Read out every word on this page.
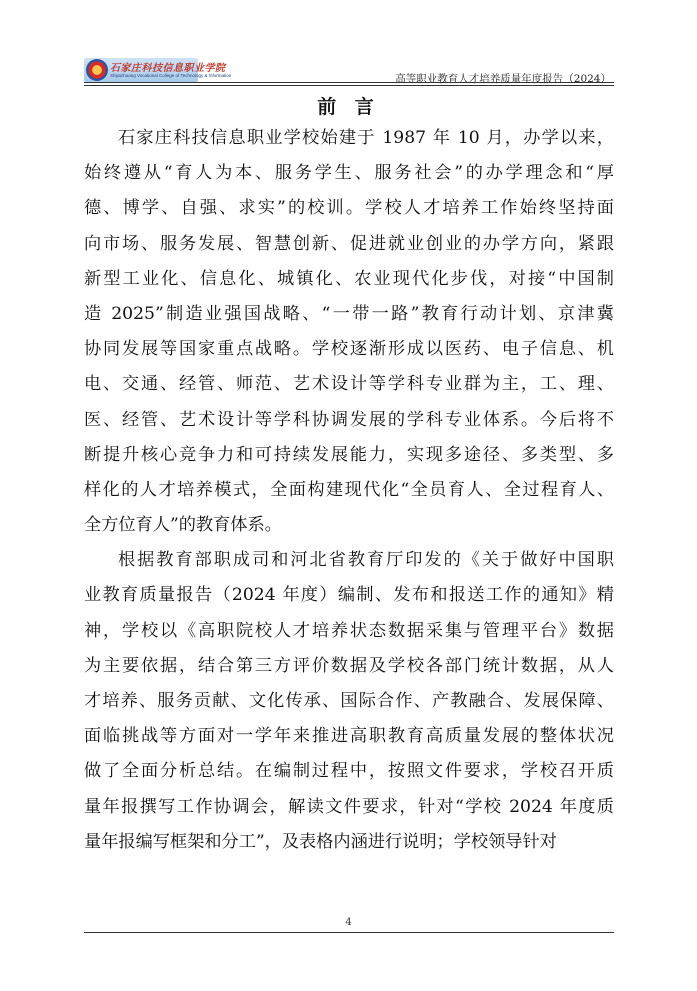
石家庄科技信息职业学院
Shijiazhuang Vocational College of Technology & Information	高等职业教育人才培养质量年度报告（2024）
前 言
石家庄科技信息职业学校始建于 1987 年 10 月，办学以来，
始终遵从“育人为本、服务学生、服务社会”的办学理念和“厚
德、博学、自强、求实”的校训。学校人才培养工作始终坚持面
向市场、服务发展、智慧创新、促进就业创业的办学方向，紧跟
新型工业化、信息化、城镇化、农业现代化步伐，对接“中国制
造 2025”制造业强国战略、“一带一路”教育行动计划、京津冀
协同发展等国家重点战略。学校逐渐形成以医药、电子信息、机
电、交通、经管、师范、艺术设计等学科专业群为主，工、理、
医、经管、艺术设计等学科协调发展的学科专业体系。今后将不
断提升核心竞争力和可持续发展能力，实现多途径、多类型、多
样化的人才培养模式，全面构建现代化“全员育人、全过程育人、
全方位育人”的教育体系。
根据教育部职成司和河北省教育厅印发的《关于做好中国职
业教育质量报告（2024 年度）编制、发布和报送工作的通知》精
神，学校以《高职院校人才培养状态数据采集与管理平台》数据
为主要依据，结合第三方评价数据及学校各部门统计数据，从人
才培养、服务贡献、文化传承、国际合作、产教融合、发展保障、
面临挑战等方面对一学年来推进高职教育高质量发展的整体状况
做了全面分析总结。在编制过程中，按照文件要求，学校召开质
量年报撰写工作协调会，解读文件要求，针对“学校 2024 年度质
量年报编写框架和分工”，及表格内涵进行说明；学校领导针对
4
